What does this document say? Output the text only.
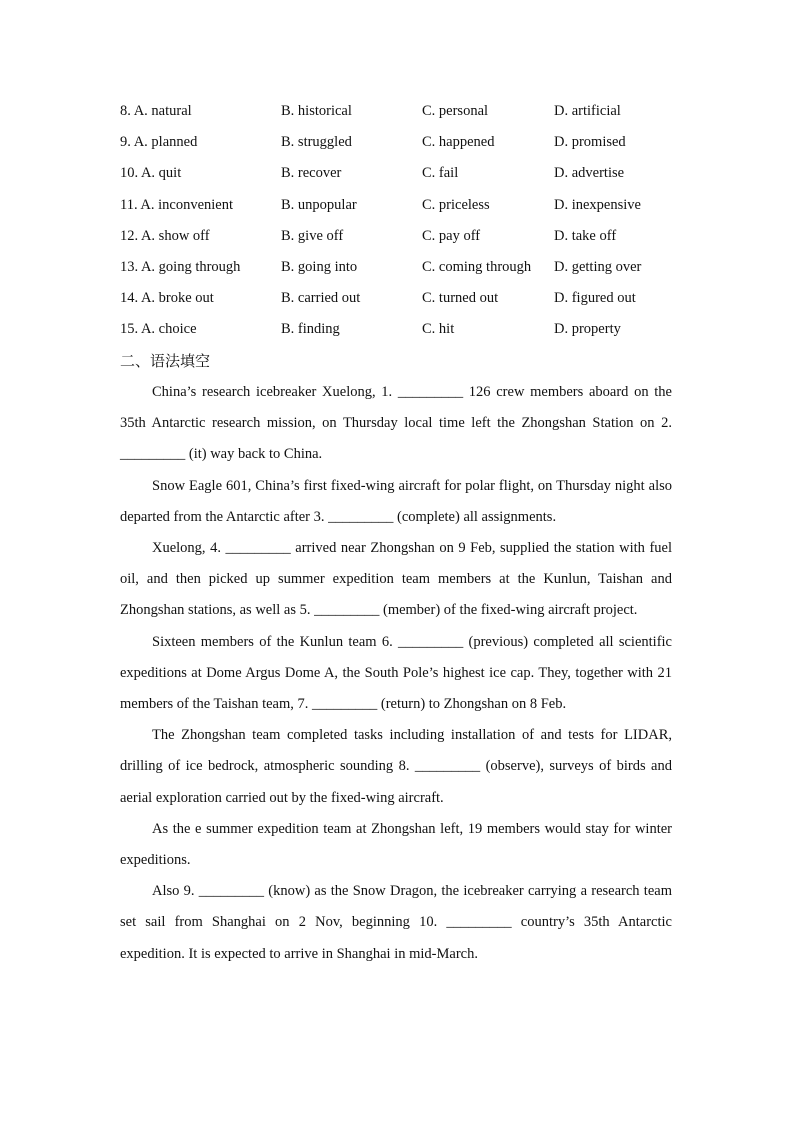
8. A. natural	B. historical	C. personal	D. artificial
9. A. planned	B. struggled	C. happened	D. promised
10. A. quit	B. recover	C. fail	D. advertise
11. A. inconvenient	B. unpopular	C. priceless	D. inexpensive
12. A. show off	B. give off	C. pay off	D. take off
13. A. going through	B. going into	C. coming through D. getting over
14. A. broke out	B. carried out	C. turned out	D. figured out
15. A. choice	B. finding	C. hit	D. property
二、语法填空

China’s research icebreaker Xuelong, 1. _________ 126 crew members aboard on the 35th Antarctic research mission, on Thursday local time left the Zhongshan Station on 2. _________ (it) way back to China.

Snow Eagle 601, China’s first fixed-wing aircraft for polar flight, on Thursday night also departed from the Antarctic after 3. _________ (complete) all assignments.

Xuelong, 4. _________ arrived near Zhongshan on 9 Feb, supplied the station with fuel oil, and then picked up summer expedition team members at the Kunlun, Taishan and Zhongshan stations, as well as 5. _________ (member) of the fixed-wing aircraft project.

Sixteen members of the Kunlun team 6. _________ (previous) completed all scientific expeditions at Dome Argus Dome A, the South Pole’s highest ice cap. They, together with 21 members of the Taishan team, 7. _________ (return) to Zhongshan on 8 Feb.

The Zhongshan team completed tasks including installation of and tests for LIDAR, drilling of ice bedrock, atmospheric sounding 8. _________ (observe), surveys of birds and aerial exploration carried out by the fixed-wing aircraft.

As the e summer expedition team at Zhongshan left, 19 members would stay for winter expeditions.

Also 9. _________ (know) as the Snow Dragon, the icebreaker carrying a research team set sail from Shanghai on 2 Nov, beginning 10. _________ country’s 35th Antarctic expedition. It is expected to arrive in Shanghai in mid-March.
